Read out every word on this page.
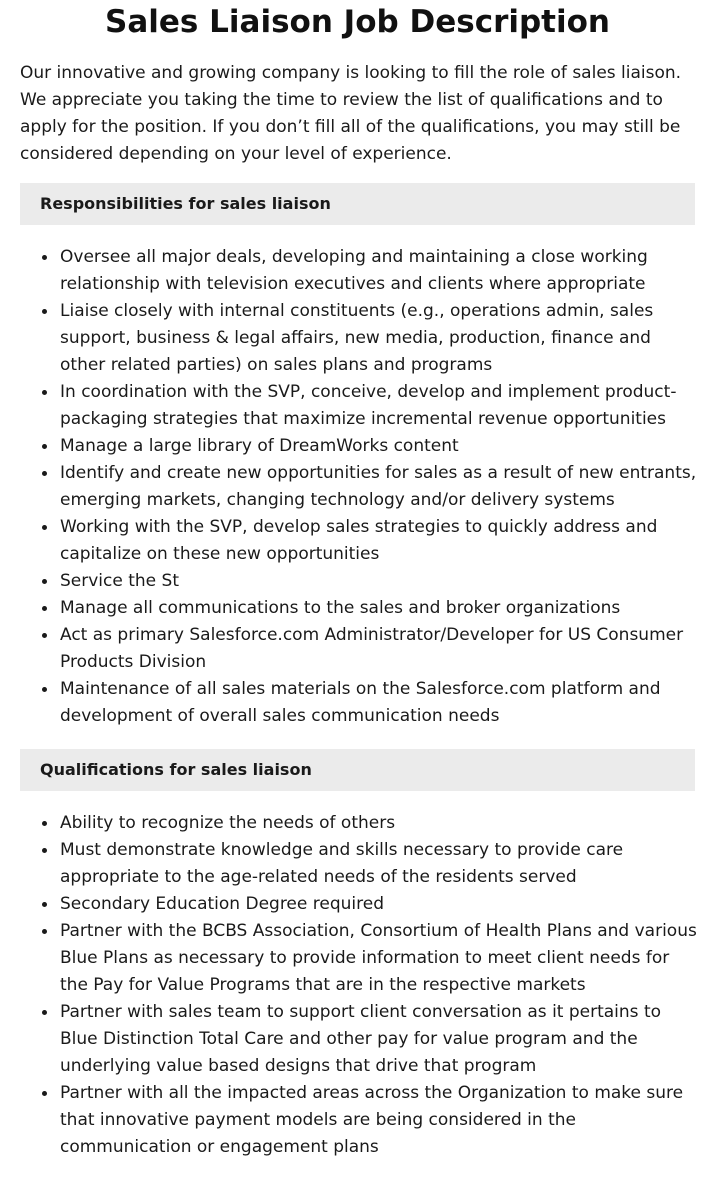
Sales Liaison Job Description

Our innovative and growing company is looking to fill the role of sales liaison. We appreciate you taking the time to review the list of qualifications and to apply for the position. If you don’t fill all of the qualifications, you may still be considered depending on your level of experience.

Responsibilities for sales liaison
Oversee all major deals, developing and maintaining a close working relationship with television executives and clients where appropriate
Liaise closely with internal constituents (e.g., operations admin, sales support, business & legal affairs, new media, production, finance and other related parties) on sales plans and programs
In coordination with the SVP, conceive, develop and implement product-packaging strategies that maximize incremental revenue opportunities
Manage a large library of DreamWorks content
Identify and create new opportunities for sales as a result of new entrants, emerging markets, changing technology and/or delivery systems
Working with the SVP, develop sales strategies to quickly address and capitalize on these new opportunities
Service the St
Manage all communications to the sales and broker organizations
Act as primary Salesforce.com Administrator/Developer for US Consumer Products Division
Maintenance of all sales materials on the Salesforce.com platform and development of overall sales communication needs
Qualifications for sales liaison
Ability to recognize the needs of others
Must demonstrate knowledge and skills necessary to provide care appropriate to the age-related needs of the residents served
Secondary Education Degree required
Partner with the BCBS Association, Consortium of Health Plans and various Blue Plans as necessary to provide information to meet client needs for the Pay for Value Programs that are in the respective markets
Partner with sales team to support client conversation as it pertains to Blue Distinction Total Care and other pay for value program and the underlying value based designs that drive that program
Partner with all the impacted areas across the Organization to make sure that innovative payment models are being considered in the communication or engagement plans
